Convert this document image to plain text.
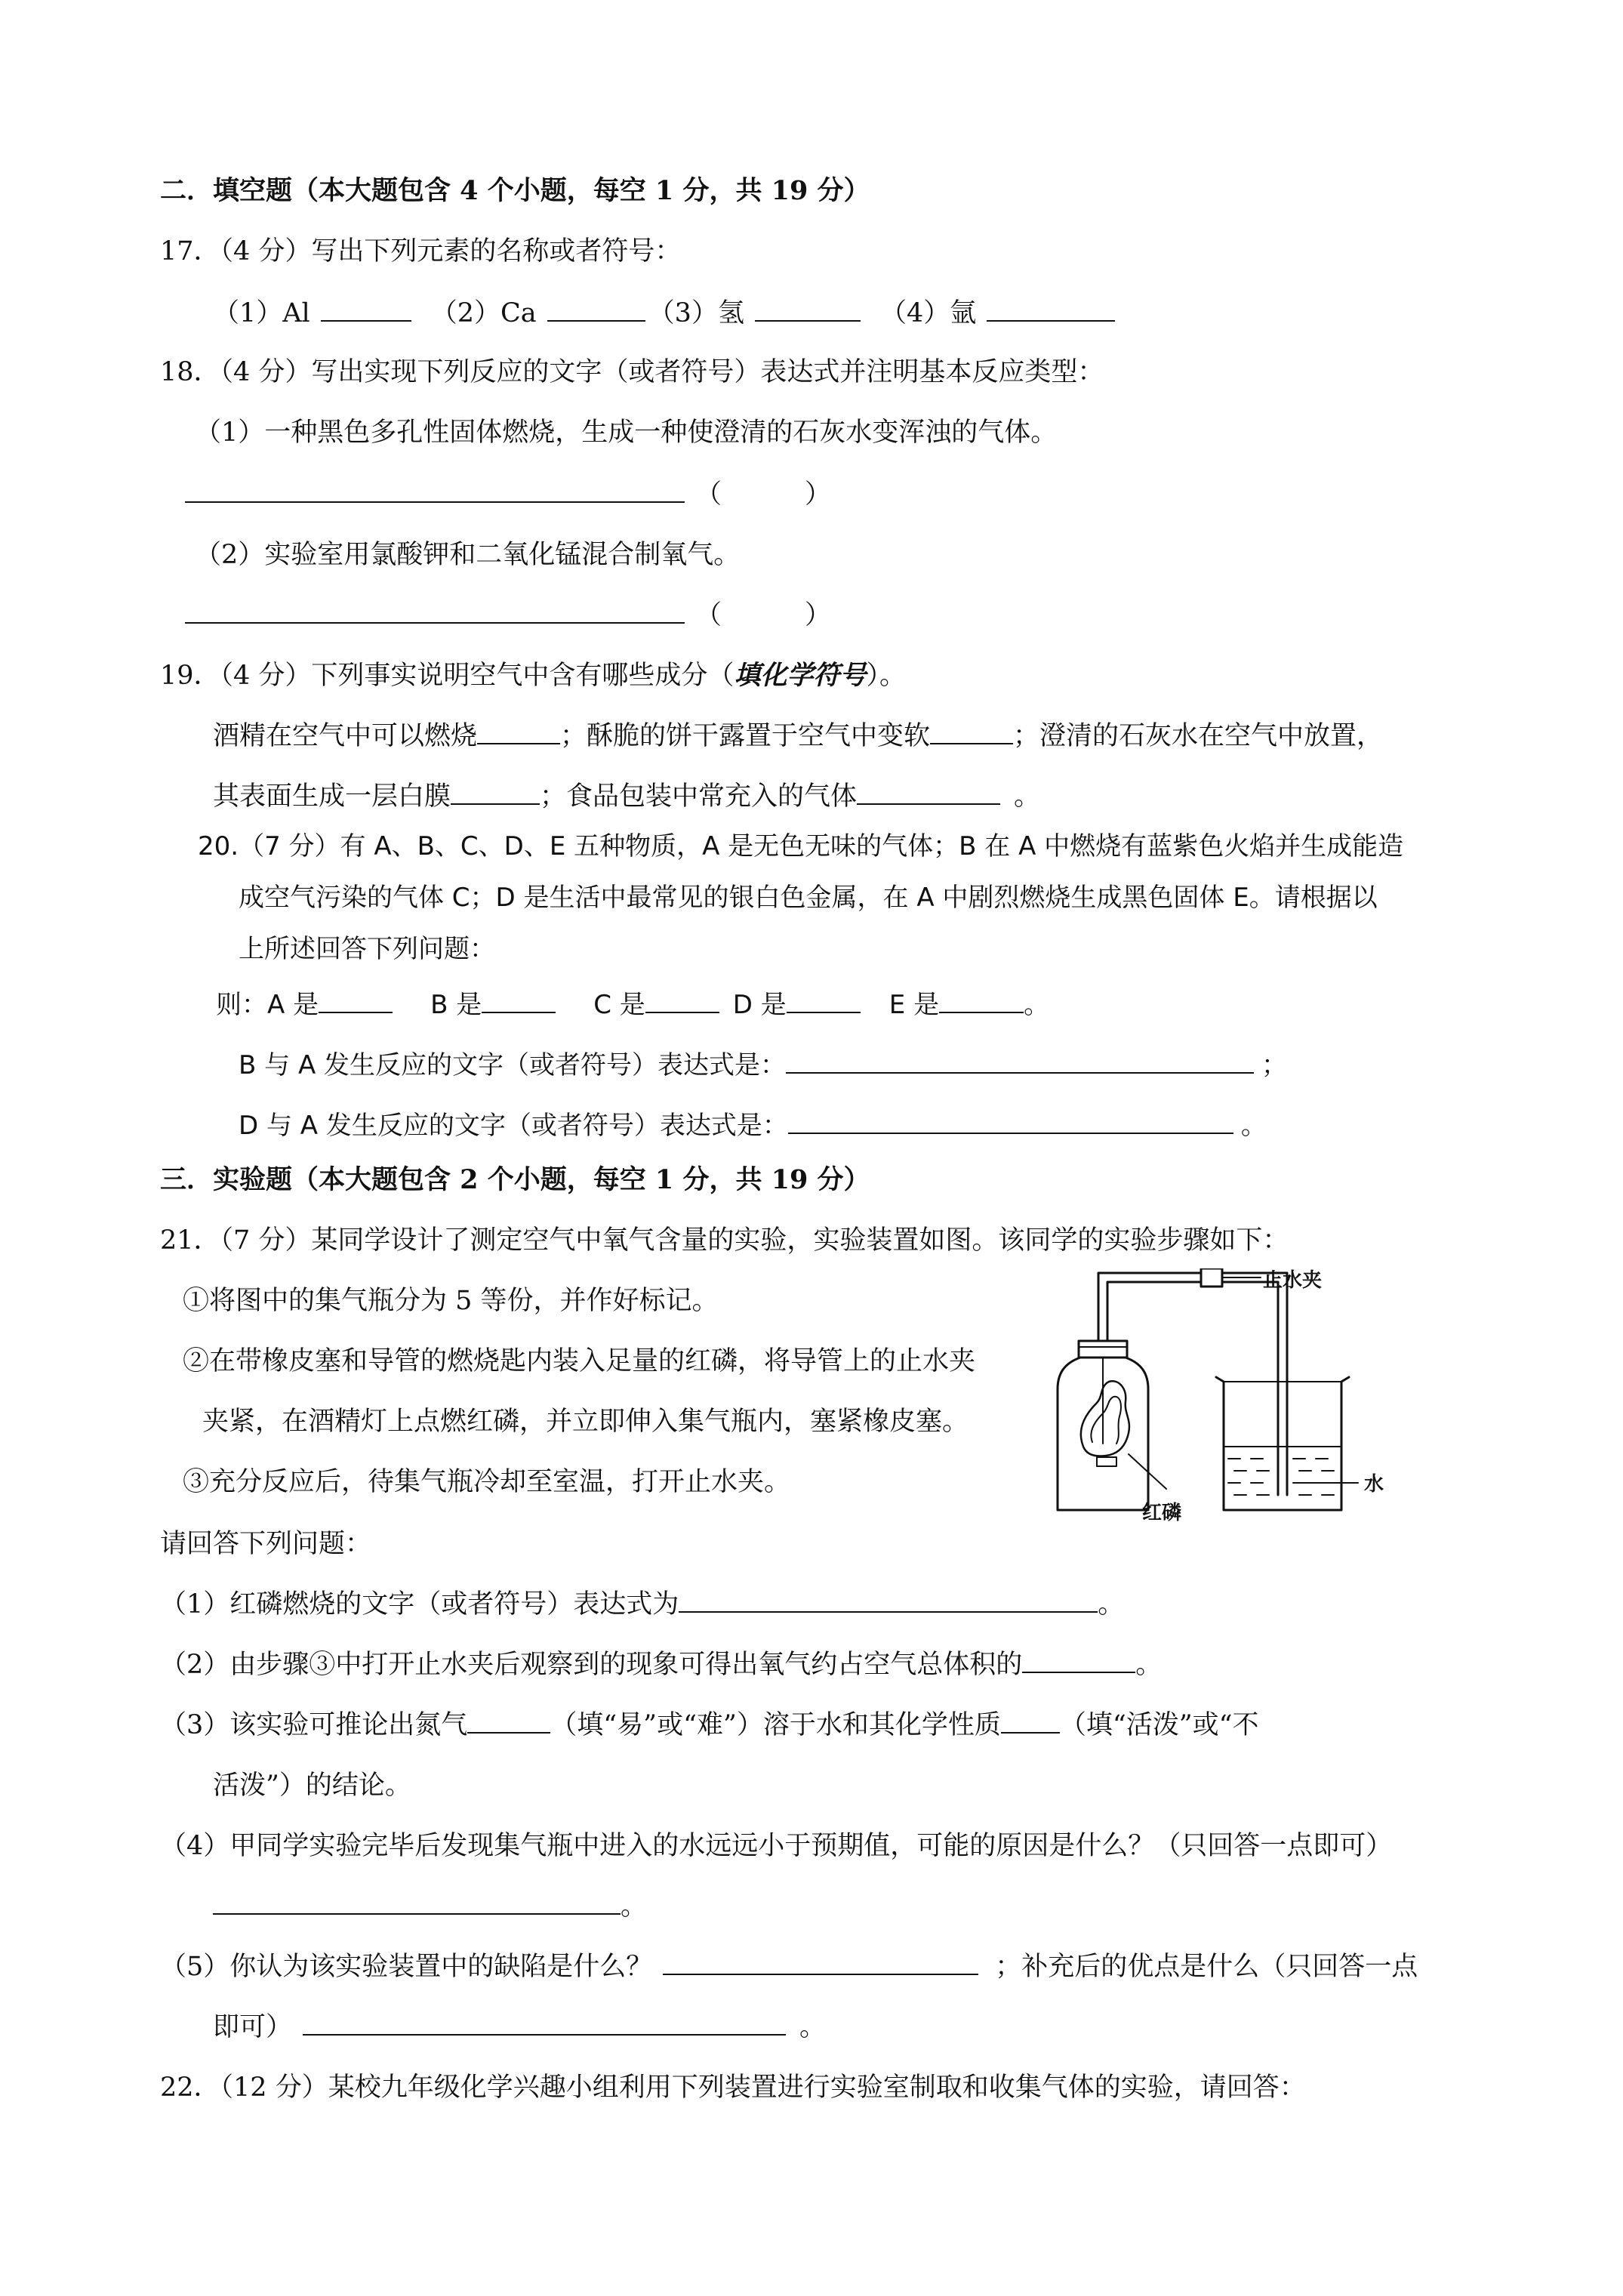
二．填空题（本大题包含 4 个小题，每空 1 分，共 19 分）
17．（4 分）写出下列元素的名称或者符号：
（1）Al	（2）Ca	（3）氢	（4）氩
18．（4 分）写出实现下列反应的文字（或者符号）表达式并注明基本反应类型：
（1）一种黑色多孔性固体燃烧，生成一种使澄清的石灰水变浑浊的气体。
（	）
（2）实验室用氯酸钾和二氧化锰混合制氧气。
（	）
19．（4 分）下列事实说明空气中含有哪些成分（填化学符号）。
酒精在空气中可以燃烧	；酥脆的饼干露置于空气中变软	；澄清的石灰水在空气中放置，
其表面生成一层白膜	；食品包装中常充入的气体	。
20.（7 分）有 A、B、C、D、E 五种物质，A 是无色无味的气体；B 在 A 中燃烧有蓝紫色火焰并生成能造
成空气污染的气体 C；D 是生活中最常见的银白色金属，在 A 中剧烈燃烧生成黑色固体 E。请根据以
上所述回答下列问题：
则：A 是	B 是	C 是	D 是	E 是	。
B 与 A 发生反应的文字（或者符号）表达式是：	；
D 与 A 发生反应的文字（或者符号）表达式是：	。
三．实验题（本大题包含 2 个小题，每空 1 分，共 19 分）
21．（7 分）某同学设计了测定空气中氧气含量的实验，实验装置如图。该同学的实验步骤如下：
①将图中的集气瓶分为 5 等份，并作好标记。
②在带橡皮塞和导管的燃烧匙内装入足量的红磷，将导管上的止水夹
夹紧，在酒精灯上点燃红磷，并立即伸入集气瓶内，塞紧橡皮塞。
③充分反应后，待集气瓶冷却至室温，打开止水夹。
止水夹
红磷
水
请回答下列问题：
（1）红磷燃烧的文字（或者符号）表达式为	。
（2）由步骤③中打开止水夹后观察到的现象可得出氧气约占空气总体积的	。
（3）该实验可推论出氮气	（填“易”或“难”）溶于水和其化学性质 （填“活泼”或“不
活泼”）的结论。
（4）甲同学实验完毕后发现集气瓶中进入的水远远小于预期值，可能的原因是什么？（只回答一点即可）
。
（5）你认为该实验装置中的缺陷是什么？	；补充后的优点是什么（只回答一点
即可）	。
22．（12 分）某校九年级化学兴趣小组利用下列装置进行实验室制取和收集气体的实验，请回答：
